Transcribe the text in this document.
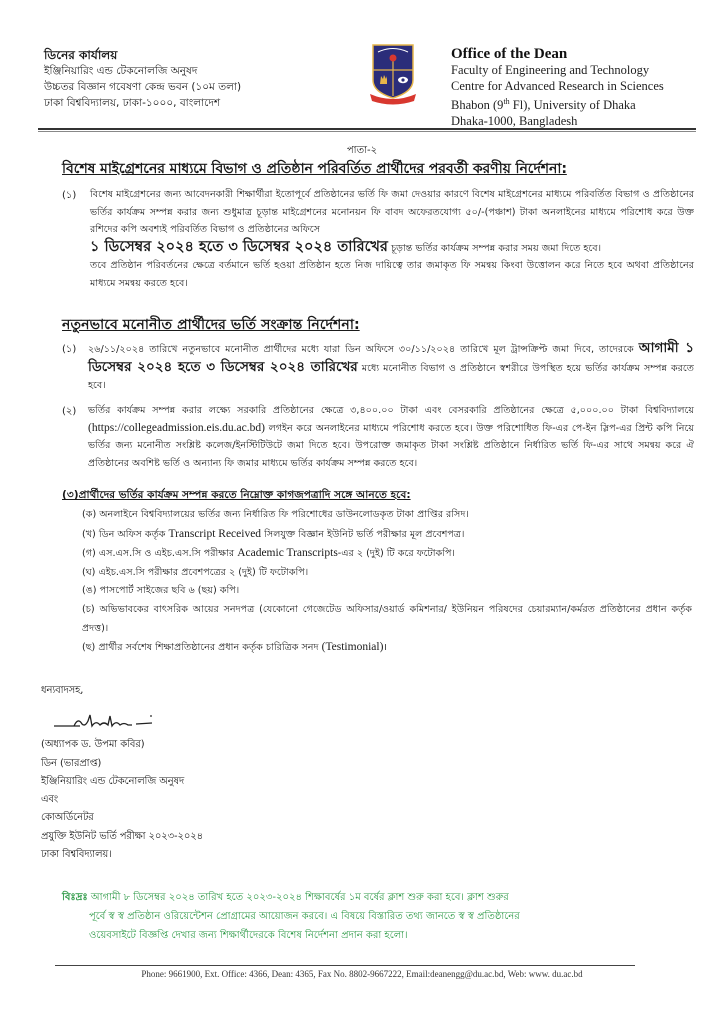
ডিনের কার্যালয়
ইঞ্জিনিয়ারিং এন্ড টেকনোলজি অনুষদ
উচ্চতর বিজ্ঞান গবেষণা কেন্দ্র ভবন (১০ম তলা)
ঢাকা বিশ্ববিদ্যালয়, ঢাকা-১০০০, বাংলাদেশ
Office of the Dean
Faculty of Engineering and Technology
Centre for Advanced Research in Sciences
Bhabon (9th Fl), University of Dhaka
Dhaka-1000, Bangladesh
পাতা-২
বিশেষ মাইগ্রেশনের মাধ্যমে বিভাগ ও প্রতিষ্ঠান পরিবর্তিত প্রার্থীদের পরবর্তী করণীয় নির্দেশনা:
(১) বিশেষ মাইগ্রেশনের জন্য আবেদনকারী শিক্ষার্থীরা ইতোপূর্বে প্রতিষ্ঠানের ভর্তি ফি জমা দেওয়ার কারণে বিশেষ মাইগ্রেশনের মাধ্যমে পরিবর্তিত বিভাগ ও প্রতিষ্ঠানের ভর্তির কার্যক্রম সম্পন্ন করার জন্য শুধুমাত্র চূড়ান্ত মাইগ্রেশনের মনোনয়ন ফি বাবদ অফেরতযোগ্য ৫০/-(পঞ্চাশ) টাকা অনলাইনের মাধ্যমে পরিশোধ করে উক্ত রশিদের কপি অবশ্যই পরিবর্তিত বিভাগ ও প্রতিষ্ঠানের অফিসে
১ ডিসেম্বর ২০২৪ হতে ৩ ডিসেম্বর ২০২৪ তারিখের চূড়ান্ত ভর্তির কার্যক্রম সম্পন্ন করার সময় জমা দিতে হবে।
তবে প্রতিষ্ঠান পরিবর্তনের ক্ষেত্রে বর্তমানে ভর্তি হওয়া প্রতিষ্ঠান হতে নিজ দায়িত্বে তার জমাকৃত ফি সমন্বয় কিংবা উত্তোলন করে নিতে হবে অথবা প্রতিষ্ঠানের মাধ্যমে সমন্বয় করতে হবে।
নতুনভাবে মনোনীত প্রার্থীদের ভর্তি সংক্রান্ত নির্দেশনা:
(১) ২৬/১১/২০২৪ তারিখে নতুনভাবে মনোনীত প্রার্থীদের মধ্যে যারা ডিন অফিসে ৩০/১১/২০২৪ তারিখে মূল ট্রান্সক্রিপ্ট জমা দিবে, তাদেরকে আগামী ১ ডিসেম্বর ২০২৪ হতে ৩ ডিসেম্বর ২০২৪ তারিখের মধ্যে মনোনীত বিভাগ ও প্রতিষ্ঠানে স্বশরীরে উপস্থিত হয়ে ভর্তির কার্যক্রম সম্পন্ন করতে হবে।
(২) ভর্তির কার্যক্রম সম্পন্ন করার লক্ষ্যে সরকারি প্রতিষ্ঠানের ক্ষেত্রে ৩,৪০০.০০ টাকা এবং বেসরকারি প্রতিষ্ঠানের ক্ষেত্রে ৫,০০০.০০ টাকা বিশ্ববিদ্যালয়ে (https://collegeadmission.eis.du.ac.bd) লগইন করে অনলাইনের মাধ্যমে পরিশোধ করতে হবে। উক্ত পরিশোধিত ফি-এর পে-ইন স্লিপ-এর প্রিন্ট কপি নিয়ে ভর্তির জন্য মনোনীত সংশ্লিষ্ট কলেজ/ইনস্টিটিউটে জমা দিতে হবে। উপরোক্ত জমাকৃত টাকা সংশ্লিষ্ট প্রতিষ্ঠানে নির্ধারিত ভর্তি ফি-এর সাথে সমন্বয় করে ঐ প্রতিষ্ঠানের অবশিষ্ট ভর্তি ও অন্যান্য ফি জমার মাধ্যমে ভর্তির কার্যক্রম সম্পন্ন করতে হবে।
(৩)প্রার্থীদের ভর্তির কার্যক্রম সম্পন্ন করতে নিম্নোক্ত কাগজপত্রাদি সঙ্গে আনতে হবে:
(ক) অনলাইনে বিশ্ববিদ্যালয়ের ভর্তির জন্য নির্ধারিত ফি পরিশোধের ডাউনলোডকৃত টাকা প্রাপ্তির রসিদ।
(খ) ডিন অফিস কর্তৃক Transcript Received সিলযুক্ত বিজ্ঞান ইউনিট ভর্তি পরীক্ষার মূল প্রবেশপত্র।
(গ) এস.এস.সি ও এইচ.এস.সি পরীক্ষার Academic Transcripts-এর ২ (দুই) টি করে ফটোকপি।
(ঘ) এইচ.এস.সি পরীক্ষার প্রবেশপত্রের ২ (দুই) টি ফটোকপি।
(ঙ) পাসপোর্ট সাইজের ছবি ৬ (ছয়) কপি।
(চ) অভিভাবকের বাৎসরিক আয়ের সনদপত্র (যেকোনো গেজেটেড অফিসার/ওয়ার্ড কমিশনার/ ইউনিয়ন পরিষদের চেয়ারম্যান/কর্মরত প্রতিষ্ঠানের প্রধান কর্তৃক প্রদত্ত)।
(ছ) প্রার্থীর সর্বশেষ শিক্ষাপ্রতিষ্ঠানের প্রধান কর্তৃক চারিত্রিক সনদ (Testimonial)।
ধন্যবাদসহ,
(অধ্যাপক ড. উপমা কবির)
ডিন (ভারপ্রাপ্ত)
ইঞ্জিনিয়ারিং এন্ড টেকনোলজি অনুষদ
এবং
কোঅর্ডিনেটর
প্রযুক্তি ইউনিট ভর্তি পরীক্ষা ২০২৩-২০২৪
ঢাকা বিশ্ববিদ্যালয়।
বিঃদ্রঃ আগামী ৮ ডিসেম্বর ২০২৪ তারিখ হতে ২০২৩-২০২৪ শিক্ষাবর্ষের ১ম বর্ষের ক্লাশ শুরু করা হবে। ক্লাশ শুরুর
পূর্বে স্ব স্ব প্রতিষ্ঠান ওরিয়েন্টেশন প্রোগ্রামের আয়োজন করবে। এ বিষয়ে বিস্তারিত তথ্য জানতে স্ব স্ব প্রতিষ্ঠানের
ওয়েবসাইটে বিজ্ঞপ্তি দেখার জন্য শিক্ষার্থীদেরকে বিশেষ নির্দেশনা প্রদান করা হলো।
Phone: 9661900, Ext. Office: 4366, Dean: 4365, Fax No. 8802-9667222, Email:deanengg@du.ac.bd, Web: www. du.ac.bd
